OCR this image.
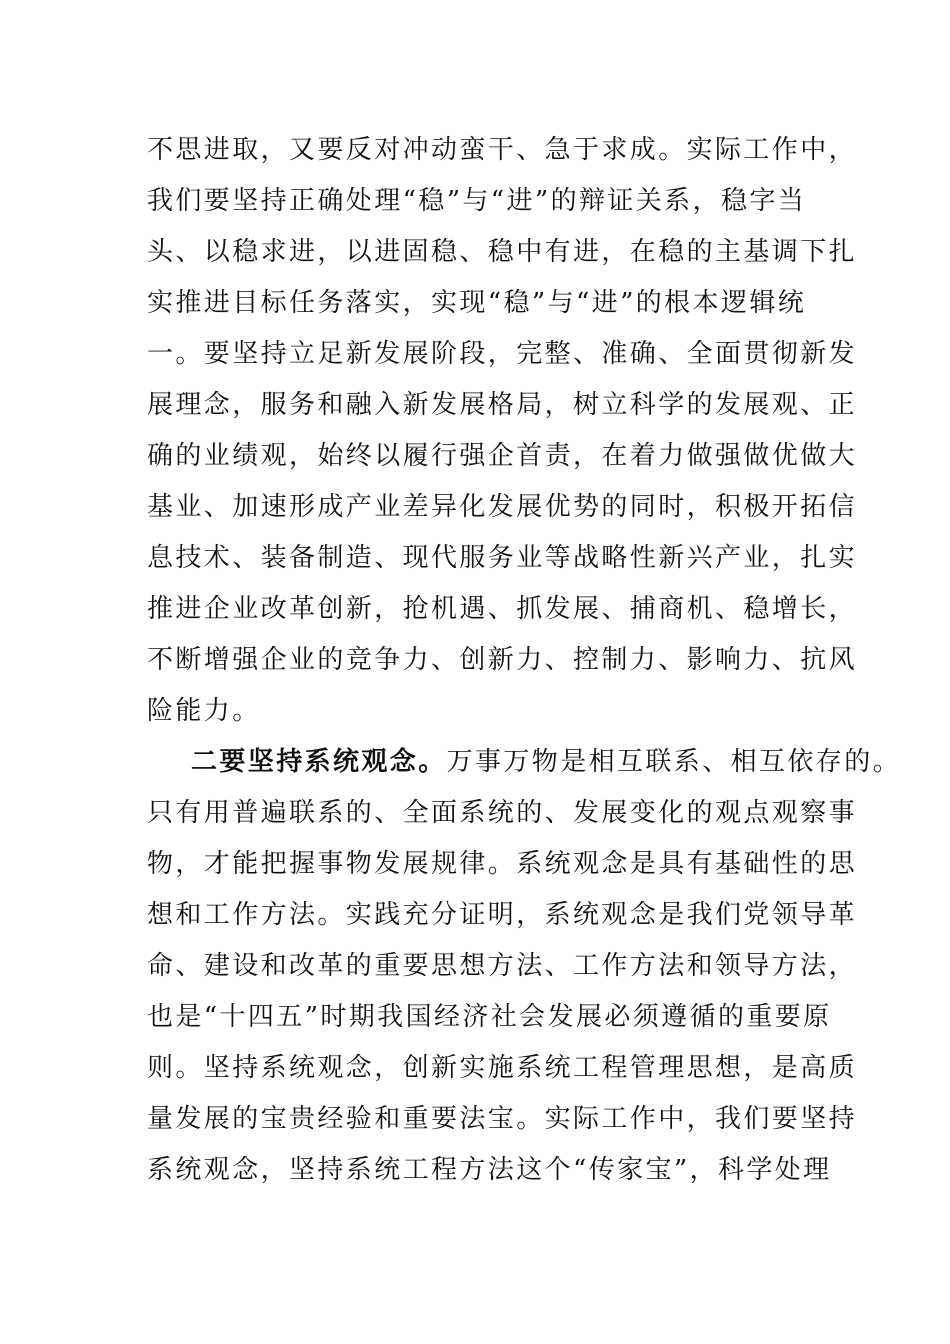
不思进取，又要反对冲动蛮干、急于求成。实际工作中，
我们要坚持正确处理“稳”与“进”的辩证关系，稳字当
头、以稳求进，以进固稳、稳中有进，在稳的主基调下扎
实推进目标任务落实，实现“稳”与“进”的根本逻辑统
一。要坚持立足新发展阶段，完整、准确、全面贯彻新发
展理念，服务和融入新发展格局，树立科学的发展观、正
确的业绩观，始终以履行强企首责，在着力做强做优做大
基业、加速形成产业差异化发展优势的同时，积极开拓信
息技术、装备制造、现代服务业等战略性新兴产业，扎实
推进企业改革创新，抢机遇、抓发展、捕商机、稳增长，
不断增强企业的竞争力、创新力、控制力、影响力、抗风
险能力。
二要坚持系统观念。万事万物是相互联系、相互依存的。
只有用普遍联系的、全面系统的、发展变化的观点观察事
物，才能把握事物发展规律。系统观念是具有基础性的思
想和工作方法。实践充分证明，系统观念是我们党领导革
命、建设和改革的重要思想方法、工作方法和领导方法，
也是“十四五”时期我国经济社会发展必须遵循的重要原
则。坚持系统观念，创新实施系统工程管理思想，是高质
量发展的宝贵经验和重要法宝。实际工作中，我们要坚持
系统观念，坚持系统工程方法这个“传家宝”，科学处理
